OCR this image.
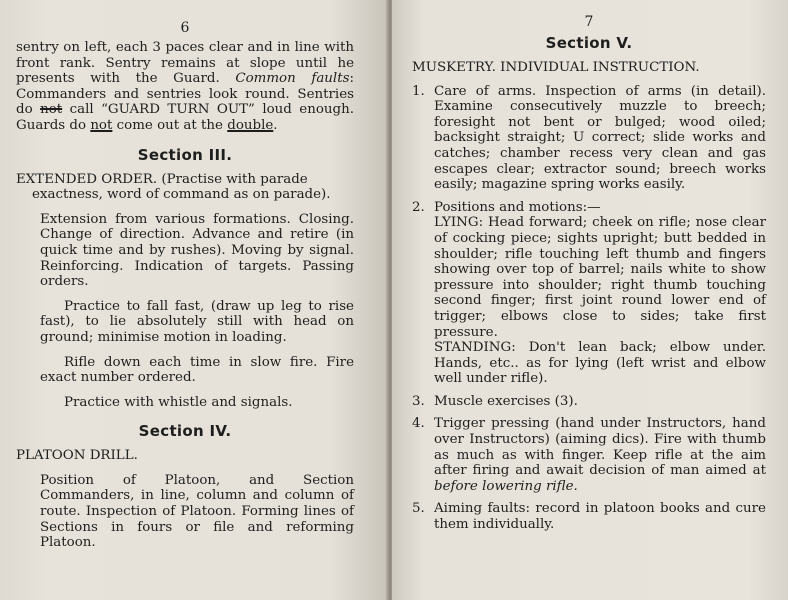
6

sentry on left, each 3 paces clear and in line with front rank. Sentry remains at slope until he presents with the Guard. Common faults: Commanders and sentries look round. Sentries do not call “GUARD TURN OUT” loud enough. Guards do not come out at the double.

Section III.

EXTENDED ORDER. (Practise with parade exactness, word of command as on parade).

Extension from various formations. Closing. Change of direction. Advance and retire (in quick time and by rushes). Moving by signal. Reinforcing. Indication of targets. Passing orders.

Practice to fall fast, (draw up leg to rise fast), to lie absolutely still with head on ground; minimise motion in loading.

Rifle down each time in slow fire. Fire exact number ordered.

Practice with whistle and signals.

Section IV.

PLATOON DRILL.

Position of Platoon, and Section Commanders, in line, column and column of route. Inspection of Platoon. Forming lines of Sections in fours or file and reforming Platoon.

7
Section V.

MUSKETRY. INDIVIDUAL INSTRUCTION.

1. Care of arms. Inspection of arms (in detail). Examine consecutively muzzle to breech; foresight not bent or bulged; wood oiled; backsight straight; U correct; slide works and catches; chamber recess very clean and gas escapes clear; extractor sound; breech works easily; magazine spring works easily.
2. Positions and motions:—
LYING: Head forward; cheek on rifle; nose clear of cocking piece; sights upright; butt bedded in shoulder; rifle touching left thumb and fingers showing over top of barrel; nails white to show pressure into shoulder; right thumb touching second finger; first joint round lower end of trigger; elbows close to sides; take first pressure.
STANDING: Don't lean back; elbow under. Hands, etc.. as for lying (left wrist and elbow well under rifle).
3. Muscle exercises (3).
4. Trigger pressing (hand under Instructors, hand over Instructors) (aiming dics). Fire with thumb as much as with finger. Keep rifle at the aim after firing and await decision of man aimed at before lowering rifle.
5. Aiming faults: record in platoon books and cure them individually.
